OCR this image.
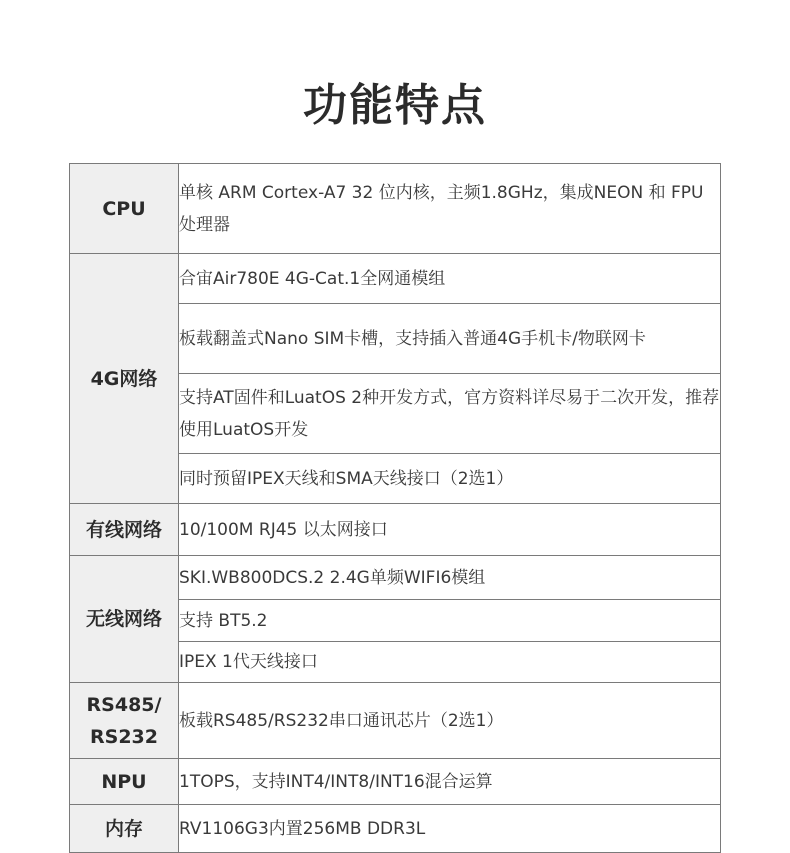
功能特点
CPU	单核 ARM Cortex-A7 32 位内核，主频1.8GHz，集成NEON 和 FPU处理器
4G网络	合宙Air780E 4G-Cat.1全网通模组
	板载翻盖式Nano SIM卡槽，支持插入普通4G手机卡/物联网卡
	支持AT固件和LuatOS 2种开发方式，官方资料详尽易于二次开发，推荐使用LuatOS开发
	同时预留IPEX天线和SMA天线接口（2选1）
有线网络	10/100M RJ45 以太网接口
无线网络	SKI.WB800DCS.2 2.4G单频WIFI6模组
	支持 BT5.2
	IPEX 1代天线接口
RS485/ RS232	板载RS485/RS232串口通讯芯片（2选1）
NPU	1TOPS，支持INT4/INT8/INT16混合运算
内存	RV1106G3内置256MB DDR3L
